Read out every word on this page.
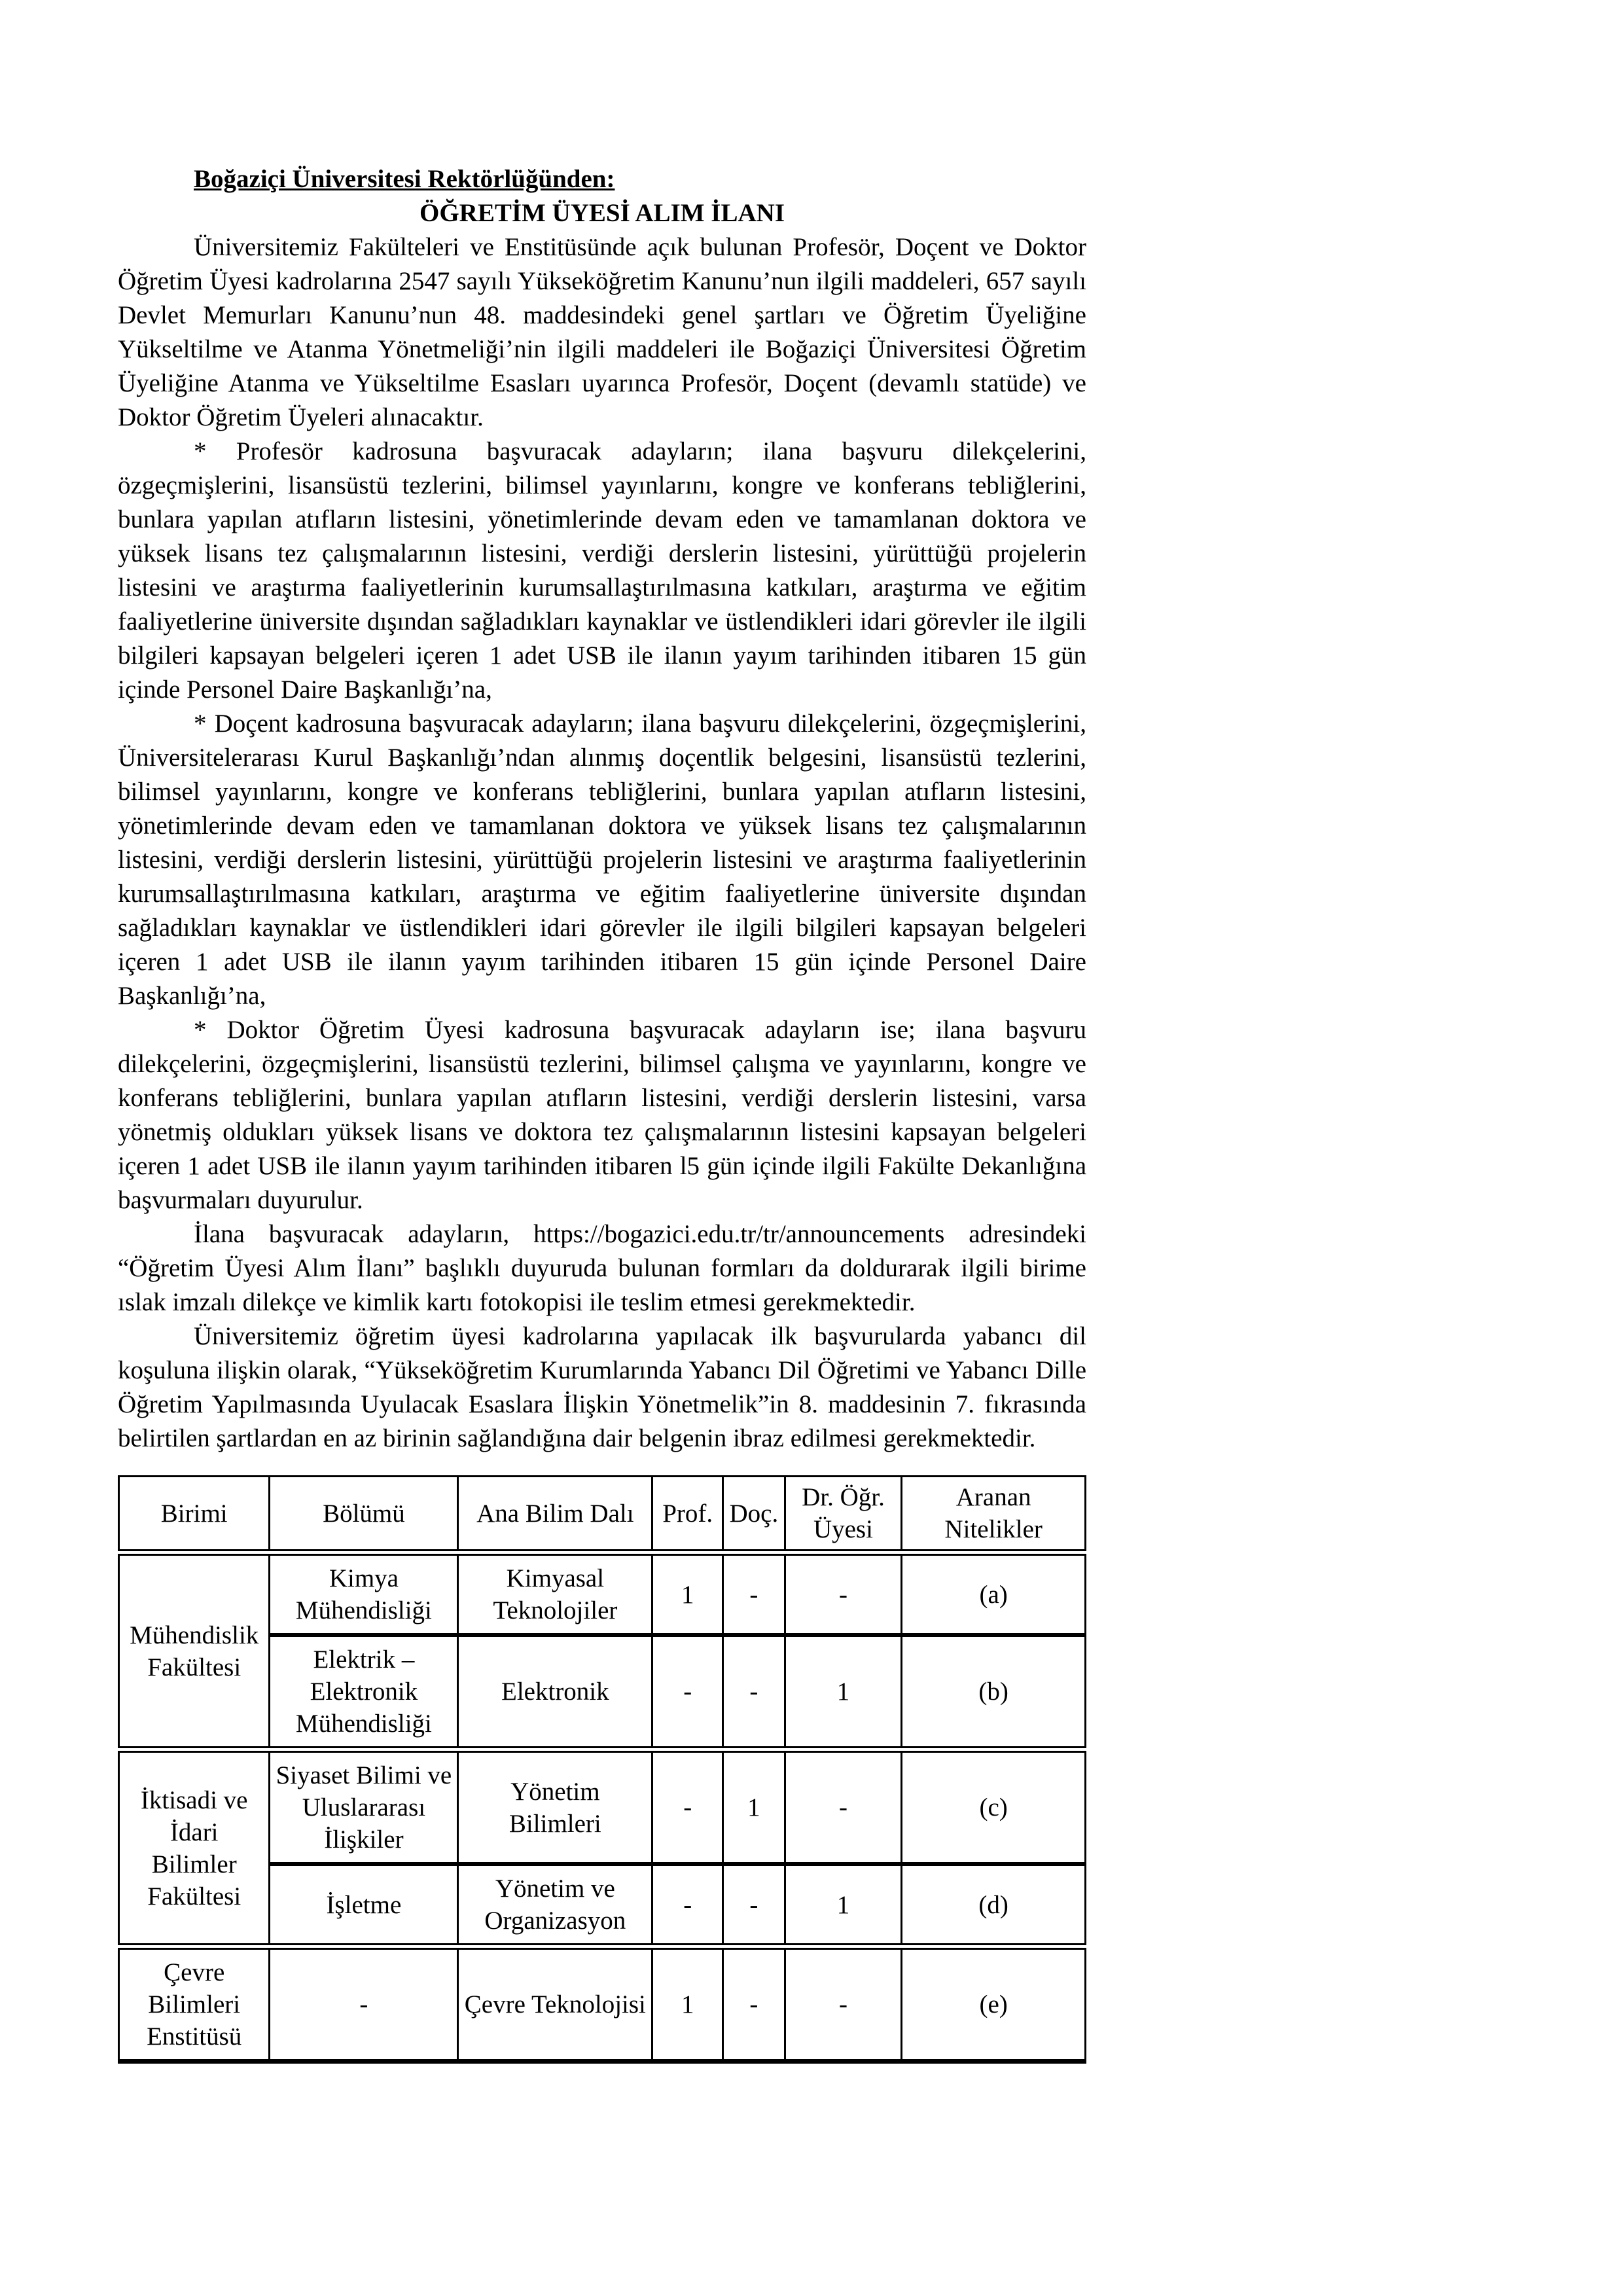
Boğaziçi Üniversitesi Rektörlüğünden:

ÖĞRETİM ÜYESİ ALIM İLANI

Üniversitemiz Fakülteleri ve Enstitüsünde açık bulunan Profesör, Doçent ve Doktor Öğretim Üyesi kadrolarına 2547 sayılı Yükseköğretim Kanunu’nun ilgili maddeleri, 657 sayılı Devlet Memurları Kanunu’nun 48. maddesindeki genel şartları ve Öğretim Üyeliğine Yükseltilme ve Atanma Yönetmeliği’nin ilgili maddeleri ile Boğaziçi Üniversitesi Öğretim Üyeliğine Atanma ve Yükseltilme Esasları uyarınca Profesör, Doçent (devamlı statüde) ve Doktor Öğretim Üyeleri alınacaktır.

* Profesör kadrosuna başvuracak adayların; ilana başvuru dilekçelerini, özgeçmişlerini, lisansüstü tezlerini, bilimsel yayınlarını, kongre ve konferans tebliğlerini, bunlara yapılan atıfların listesini, yönetimlerinde devam eden ve tamamlanan doktora ve yüksek lisans tez çalışmalarının listesini, verdiği derslerin listesini, yürüttüğü projelerin listesini ve araştırma faaliyetlerinin kurumsallaştırılmasına katkıları, araştırma ve eğitim faaliyetlerine üniversite dışından sağladıkları kaynaklar ve üstlendikleri idari görevler ile ilgili bilgileri kapsayan belgeleri içeren 1 adet USB ile ilanın yayım tarihinden itibaren 15 gün içinde Personel Daire Başkanlığı’na,

* Doçent kadrosuna başvuracak adayların; ilana başvuru dilekçelerini, özgeçmişlerini, Üniversitelerarası Kurul Başkanlığı’ndan alınmış doçentlik belgesini, lisansüstü tezlerini, bilimsel yayınlarını, kongre ve konferans tebliğlerini, bunlara yapılan atıfların listesini, yönetimlerinde devam eden ve tamamlanan doktora ve yüksek lisans tez çalışmalarının listesini, verdiği derslerin listesini, yürüttüğü projelerin listesini ve araştırma faaliyetlerinin kurumsallaştırılmasına katkıları, araştırma ve eğitim faaliyetlerine üniversite dışından sağladıkları kaynaklar ve üstlendikleri idari görevler ile ilgili bilgileri kapsayan belgeleri içeren 1 adet USB ile ilanın yayım tarihinden itibaren 15 gün içinde Personel Daire Başkanlığı’na,

* Doktor Öğretim Üyesi kadrosuna başvuracak adayların ise; ilana başvuru dilekçelerini, özgeçmişlerini, lisansüstü tezlerini, bilimsel çalışma ve yayınlarını, kongre ve konferans tebliğlerini, bunlara yapılan atıfların listesini, verdiği derslerin listesini, varsa yönetmiş oldukları yüksek lisans ve doktora tez çalışmalarının listesini kapsayan belgeleri içeren 1 adet USB ile ilanın yayım tarihinden itibaren l5 gün içinde ilgili Fakülte Dekanlığına başvurmaları duyurulur.

İlana başvuracak adayların, https://bogazici.edu.tr/tr/announcements adresindeki “Öğretim Üyesi Alım İlanı” başlıklı duyuruda bulunan formları da doldurarak ilgili birime ıslak imzalı dilekçe ve kimlik kartı fotokopisi ile teslim etmesi gerekmektedir.

Üniversitemiz öğretim üyesi kadrolarına yapılacak ilk başvurularda yabancı dil koşuluna ilişkin olarak, “Yükseköğretim Kurumlarında Yabancı Dil Öğretimi ve Yabancı Dille Öğretim Yapılmasında Uyulacak Esaslara İlişkin Yönetmelik”in 8. maddesinin 7. fıkrasında belirtilen şartlardan en az birinin sağlandığına dair belgenin ibraz edilmesi gerekmektedir.

Birimi	Bölümü	Ana Bilim Dalı	Prof.	Doç.	Dr. Öğr. Üyesi	Aranan Nitelikler
Mühendislik Fakültesi	Kimya Mühendisliği	Kimyasal Teknolojiler	1	-	-	(a)
	Elektrik – Elektronik Mühendisliği	Elektronik	-	-	1	(b)
İktisadi ve İdari Bilimler Fakültesi	Siyaset Bilimi ve Uluslararası İlişkiler	Yönetim Bilimleri	-	1	-	(c)
	İşletme	Yönetim ve Organizasyon	-	-	1	(d)
Çevre Bilimleri Enstitüsü	-	Çevre Teknolojisi	1	-	-	(e)
